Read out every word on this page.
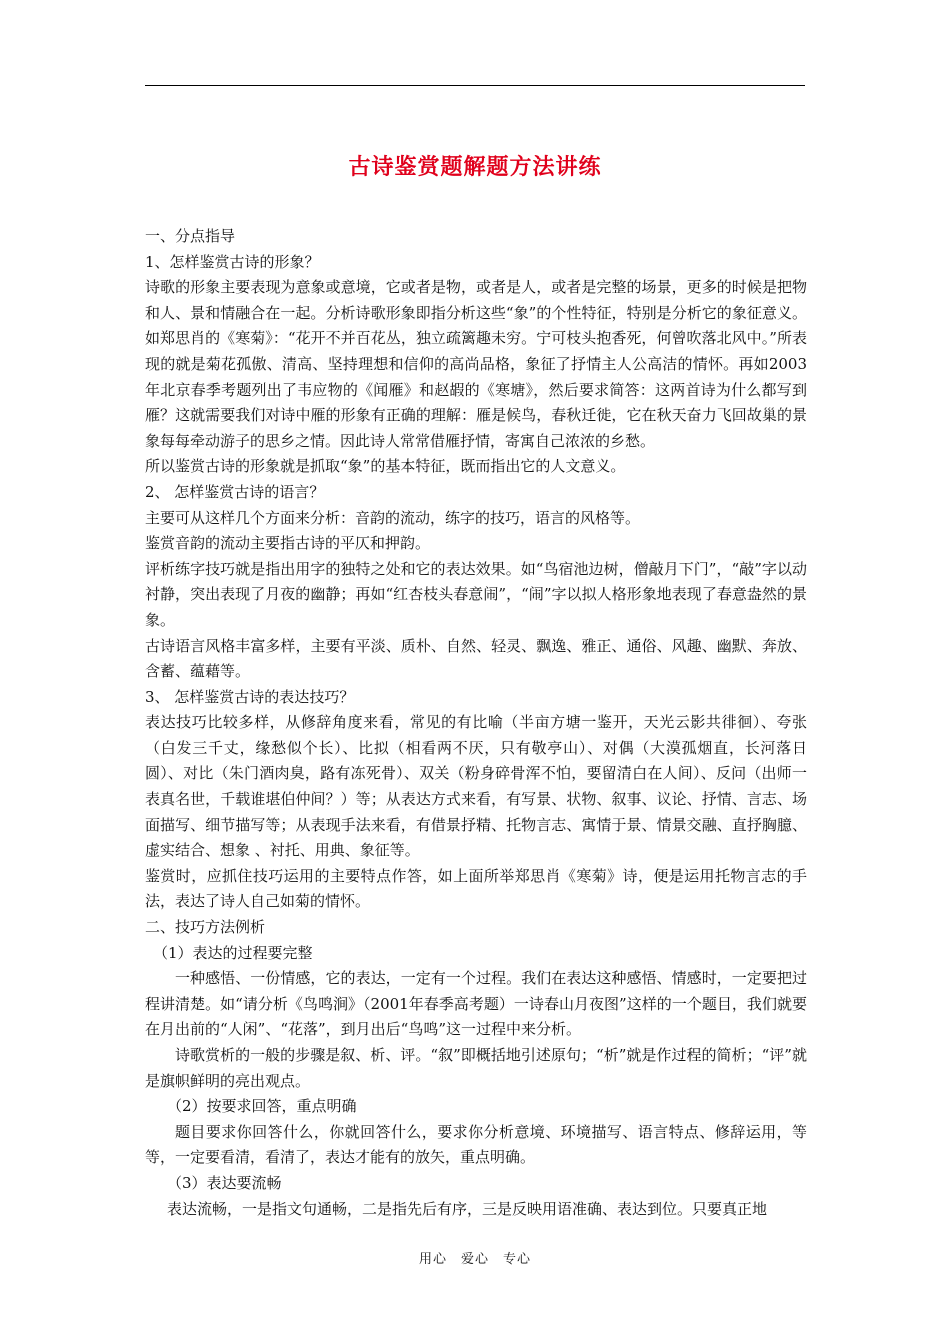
古诗鉴赏题解题方法讲练

一、分点指导

1、怎样鉴赏古诗的形象？

诗歌的形象主要表现为意象或意境，它或者是物，或者是人，或者是完整的场景，更多的时候是把物和人、景和情融合在一起。分析诗歌形象即指分析这些“象”的个性特征，特别是分析它的象征意义。如郑思肖的《寒菊》：“花开不并百花丛，独立疏篱趣未穷。宁可枝头抱香死，何曾吹落北风中。”所表现的就是菊花孤傲、清高、坚持理想和信仰的高尚品格，象征了抒情主人公高洁的情怀。再如2003年北京春季考题列出了韦应物的《闻雁》和赵嘏的《寒塘》，然后要求简答：这两首诗为什么都写到雁？这就需要我们对诗中雁的形象有正确的理解：雁是候鸟，春秋迁徙，它在秋天奋力飞回故巢的景象每每牵动游子的思乡之情。因此诗人常常借雁抒情，寄寓自己浓浓的乡愁。

所以鉴赏古诗的形象就是抓取“象”的基本特征，既而指出它的人文意义。

2、 怎样鉴赏古诗的语言？

主要可从这样几个方面来分析：音韵的流动，练字的技巧，语言的风格等。

鉴赏音韵的流动主要指古诗的平仄和押韵。

评析练字技巧就是指出用字的独特之处和它的表达效果。如“鸟宿池边树，僧敲月下门”，“敲”字以动衬静，突出表现了月夜的幽静；再如“红杏枝头春意闹”，“闹”字以拟人格形象地表现了春意盎然的景象。

古诗语言风格丰富多样，主要有平淡、质朴、自然、轻灵、飘逸、雅正、通俗、风趣、幽默、奔放、含蓄、蕴藉等。

3、 怎样鉴赏古诗的表达技巧？

表达技巧比较多样，从修辞角度来看，常见的有比喻（半亩方塘一鉴开，天光云影共徘徊）、夸张（白发三千丈，缘愁似个长）、比拟（相看两不厌，只有敬亭山）、对偶（大漠孤烟直，长河落日圆）、对比（朱门酒肉臭，路有冻死骨）、双关（粉身碎骨浑不怕，要留清白在人间）、反问（出师一表真名世，千载谁堪伯仲间？）等；从表达方式来看，有写景、状物、叙事、议论、抒情、言志、场面描写、细节描写等；从表现手法来看，有借景抒精、托物言志、寓情于景、情景交融、直抒胸臆、虚实结合、想象 、衬托、用典、象征等。

鉴赏时，应抓住技巧运用的主要特点作答，如上面所举郑思肖《寒菊》诗，便是运用托物言志的手法，表达了诗人自己如菊的情怀。

二、技巧方法例析

（1）表达的过程要完整

一种感悟、一份情感，它的表达，一定有一个过程。我们在表达这种感悟、情感时，一定要把过程讲清楚。如“请分析《鸟鸣涧》（2001年春季高考题）一诗春山月夜图”这样的一个题目，我们就要在月出前的“人闲”、“花落”，到月出后“鸟鸣”这一过程中来分析。

诗歌赏析的一般的步骤是叙、析、评。“叙”即概括地引述原句；“析”就是作过程的简析；“评”就是旗帜鲜明的亮出观点。

（2）按要求回答，重点明确

题目要求你回答什么，你就回答什么，要求你分析意境、环境描写、语言特点、修辞运用，等等，一定要看清，看清了，表达才能有的放矢，重点明确。

（3）表达要流畅

表达流畅，一是指文句通畅，二是指先后有序，三是反映用语准确、表达到位。只要真正地

用心　爱心　专心
